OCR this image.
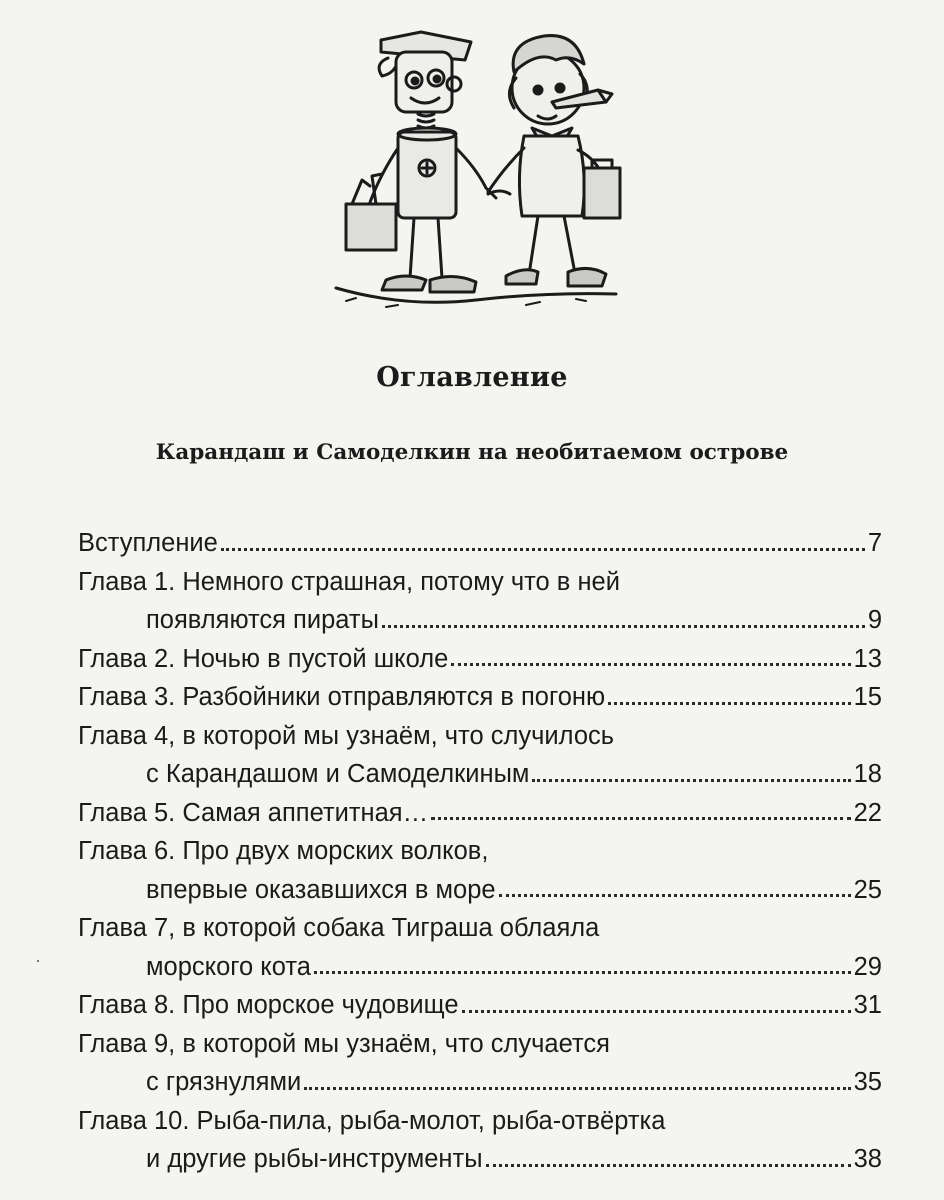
Оглавление
Карандаш и Самоделкин на необитаемом острове
Вступление	7
Глава 1. Немного страшная, потому что в ней
появляются пираты	9
Глава 2. Ночью в пустой школе	13
Глава 3. Разбойники отправляются в погоню	15
Глава 4, в которой мы узнаём, что случилось
с Карандашом и Самоделкиным	18
Глава 5. Самая аппетитная…	22
Глава 6. Про двух морских волков,
впервые оказавшихся в море	25
Глава 7, в которой собака Тиграша облаяла
морского кота	29
Глава 8. Про морское чудовище	31
Глава 9, в которой мы узнаём, что случается
с грязнулями	35
Глава 10. Рыба-пила, рыба-молот, рыба-отвёртка
и другие рыбы-инструменты	38
